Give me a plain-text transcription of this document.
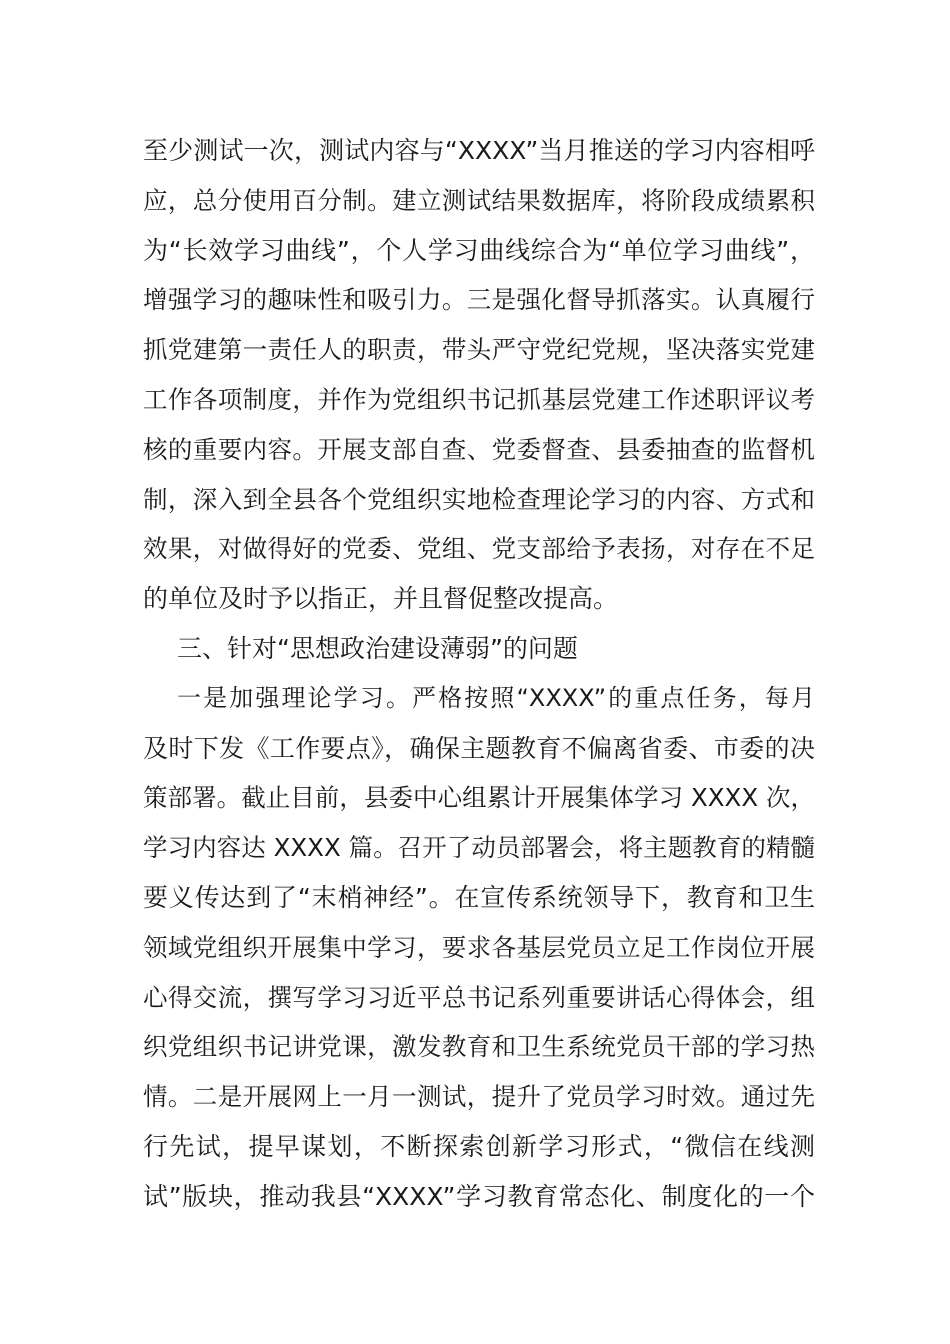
至少测试一次，测试内容与“XXXX”当月推送的学习内容相呼
应，总分使用百分制。建立测试结果数据库，将阶段成绩累积
为“长效学习曲线”，个人学习曲线综合为“单位学习曲线”，
增强学习的趣味性和吸引力。三是强化督导抓落实。认真履行
抓党建第一责任人的职责，带头严守党纪党规，坚决落实党建
工作各项制度，并作为党组织书记抓基层党建工作述职评议考
核的重要内容。开展支部自查、党委督查、县委抽查的监督机
制，深入到全县各个党组织实地检查理论学习的内容、方式和
效果，对做得好的党委、党组、党支部给予表扬，对存在不足
的单位及时予以指正，并且督促整改提高。
三、针对“思想政治建设薄弱”的问题
一是加强理论学习。严格按照“XXXX”的重点任务，每月
及时下发《工作要点》，确保主题教育不偏离省委、市委的决
策部署。截止目前，县委中心组累计开展集体学习 XXXX 次，
学习内容达 XXXX 篇。召开了动员部署会，将主题教育的精髓
要义传达到了“末梢神经”。在宣传系统领导下，教育和卫生
领域党组织开展集中学习，要求各基层党员立足工作岗位开展
心得交流，撰写学习习近平总书记系列重要讲话心得体会，组
织党组织书记讲党课，激发教育和卫生系统党员干部的学习热
情。二是开展网上一月一测试，提升了党员学习时效。通过先
行先试，提早谋划，不断探索创新学习形式，“微信在线测
试”版块，推动我县“XXXX”学习教育常态化、制度化的一个
